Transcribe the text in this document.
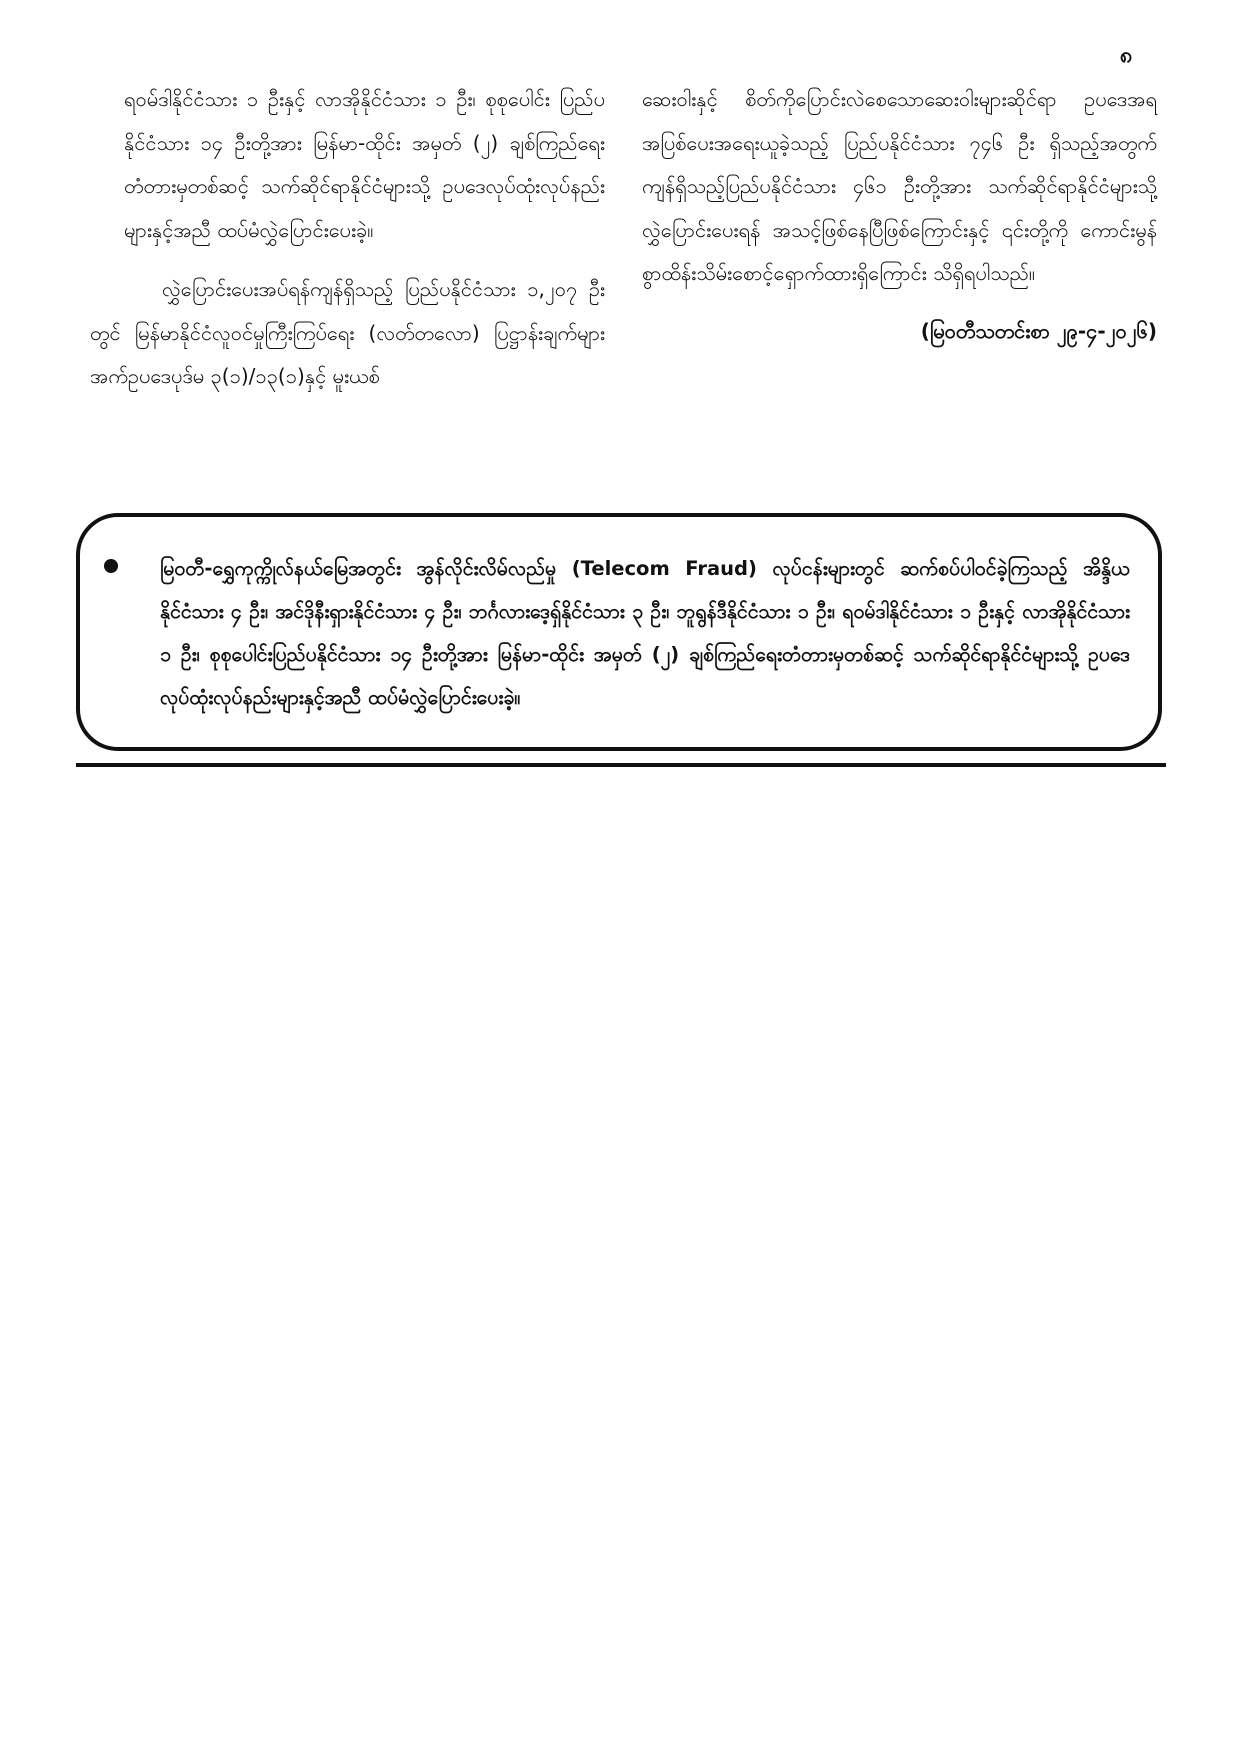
၈

ရဝမ်ဒါနိုင်ငံသား ၁ ဦးနှင့် လာအိုနိုင်ငံသား ၁ ဦး၊ စုစုပေါင်း ပြည်ပနိုင်ငံသား ၁၄ ဦးတို့အား မြန်မာ-ထိုင်း အမှတ် (၂) ချစ်ကြည်ရေးတံတားမှတစ်ဆင့် သက်ဆိုင်ရာနိုင်ငံများသို့ ဥပဒေလုပ်ထုံးလုပ်နည်းများနှင့်အညီ ထပ်မံလွှဲပြောင်းပေးခဲ့။

လွှဲပြောင်းပေးအပ်ရန်ကျန်ရှိသည့် ပြည်ပနိုင်ငံသား ၁,၂၀၇ ဦးတွင် မြန်မာနိုင်ငံလူဝင်မှုကြီးကြပ်ရေး (လတ်တလော) ပြဋ္ဌာန်းချက်များအက်ဥပဒေပုဒ်မ ၃(၁)/၁၃(၁)နှင့် မူးယစ်

ဆေးဝါးနှင့် စိတ်ကိုပြောင်းလဲစေသောဆေးဝါးများဆိုင်ရာ ဥပဒေအရ အပြစ်ပေးအရေးယူခဲ့သည့် ပြည်ပနိုင်ငံသား ၇၄၆ ဦး ရှိသည့်အတွက် ကျန်ရှိသည့်ပြည်ပနိုင်ငံသား ၄၆၁ ဦးတို့အား သက်ဆိုင်ရာနိုင်ငံများသို့ လွှဲပြောင်းပေးရန် အသင့်ဖြစ်နေပြီဖြစ်ကြောင်းနှင့် ၎င်းတို့ကို ကောင်းမွန်စွာထိန်းသိမ်းစောင့်ရှောက်ထားရှိကြောင်း သိရှိရပါသည်။

(မြဝတီသတင်းစာ ၂၉-၄-၂၀၂၆)

မြဝတီ-ရွှေကုက္ကိုလ်နယ်မြေအတွင်း အွန်လိုင်းလိမ်လည်မှု (Telecom Fraud) လုပ်ငန်းများတွင် ဆက်စပ်ပါဝင်ခဲ့ကြသည့် အိန္ဒိယနိုင်ငံသား ၄ ဦး၊ အင်ဒိုနီးရှားနိုင်ငံသား ၄ ဦး၊ ဘင်္ဂလားဒေ့ရှ်နိုင်ငံသား ၃ ဦး၊ ဘူရွန်ဒီနိုင်ငံသား ၁ ဦး၊ ရဝမ်ဒါနိုင်ငံသား ၁ ဦးနှင့် လာအိုနိုင်ငံသား ၁ ဦး၊ စုစုပေါင်းပြည်ပနိုင်ငံသား ၁၄ ဦးတို့အား မြန်မာ-ထိုင်း အမှတ် (၂) ချစ်ကြည်ရေးတံတားမှတစ်ဆင့် သက်ဆိုင်ရာနိုင်ငံများသို့ ဥပဒေလုပ်ထုံးလုပ်နည်းများနှင့်အညီ ထပ်မံလွှဲပြောင်းပေးခဲ့။
